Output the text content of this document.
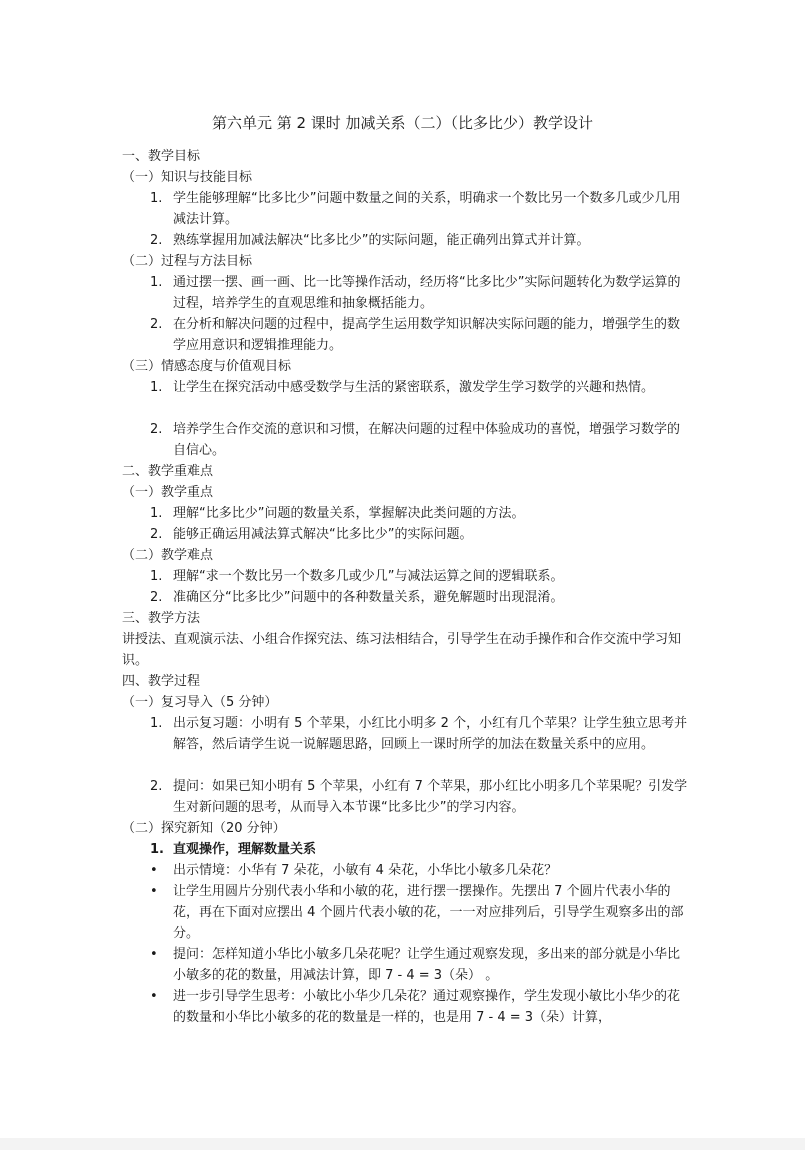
第六单元 第 2 课时 加减关系（二）（比多比少）教学设计
一、教学目标
（一）知识与技能目标
1. 学生能够理解“比多比少”问题中数量之间的关系，明确求一个数比另一个数多几或少几用减法计算。
2. 熟练掌握用加减法解决“比多比少”的实际问题，能正确列出算式并计算。
（二）过程与方法目标
1. 通过摆一摆、画一画、比一比等操作活动，经历将“比多比少”实际问题转化为数学运算的过程，培养学生的直观思维和抽象概括能力。
2. 在分析和解决问题的过程中，提高学生运用数学知识解决实际问题的能力，增强学生的数学应用意识和逻辑推理能力。
（三）情感态度与价值观目标
1. 让学生在探究活动中感受数学与生活的紧密联系，激发学生学习数学的兴趣和热情。
2. 培养学生合作交流的意识和习惯，在解决问题的过程中体验成功的喜悦，增强学习数学的自信心。
二、教学重难点
（一）教学重点
1. 理解“比多比少”问题的数量关系，掌握解决此类问题的方法。
2. 能够正确运用减法算式解决“比多比少”的实际问题。
（二）教学难点
1. 理解“求一个数比另一个数多几或少几”与减法运算之间的逻辑联系。
2. 准确区分“比多比少”问题中的各种数量关系，避免解题时出现混淆。
三、教学方法
讲授法、直观演示法、小组合作探究法、练习法相结合，引导学生在动手操作和合作交流中学习知识。
四、教学过程
（一）复习导入（5 分钟）
1. 出示复习题：小明有 5 个苹果，小红比小明多 2 个，小红有几个苹果？让学生独立思考并解答，然后请学生说一说解题思路，回顾上一课时所学的加法在数量关系中的应用。
2. 提问：如果已知小明有 5 个苹果，小红有 7 个苹果，那小红比小明多几个苹果呢？引发学生对新问题的思考，从而导入本节课“比多比少”的学习内容。
（二）探究新知（20 分钟）
1. 直观操作，理解数量关系
• 出示情境：小华有 7 朵花，小敏有 4 朵花，小华比小敏多几朵花？
• 让学生用圆片分别代表小华和小敏的花，进行摆一摆操作。先摆出 7 个圆片代表小华的花，再在下面对应摆出 4 个圆片代表小敏的花，一一对应排列后，引导学生观察多出的部分。
• 提问：怎样知道小华比小敏多几朵花呢？让学生通过观察发现，多出来的部分就是小华比小敏多的花的数量，用减法计算，即 7 - 4 = 3（朵） 。
• 进一步引导学生思考：小敏比小华少几朵花？通过观察操作，学生发现小敏比小华少的花的数量和小华比小敏多的花的数量是一样的，也是用 7 - 4 = 3（朵）计算，
